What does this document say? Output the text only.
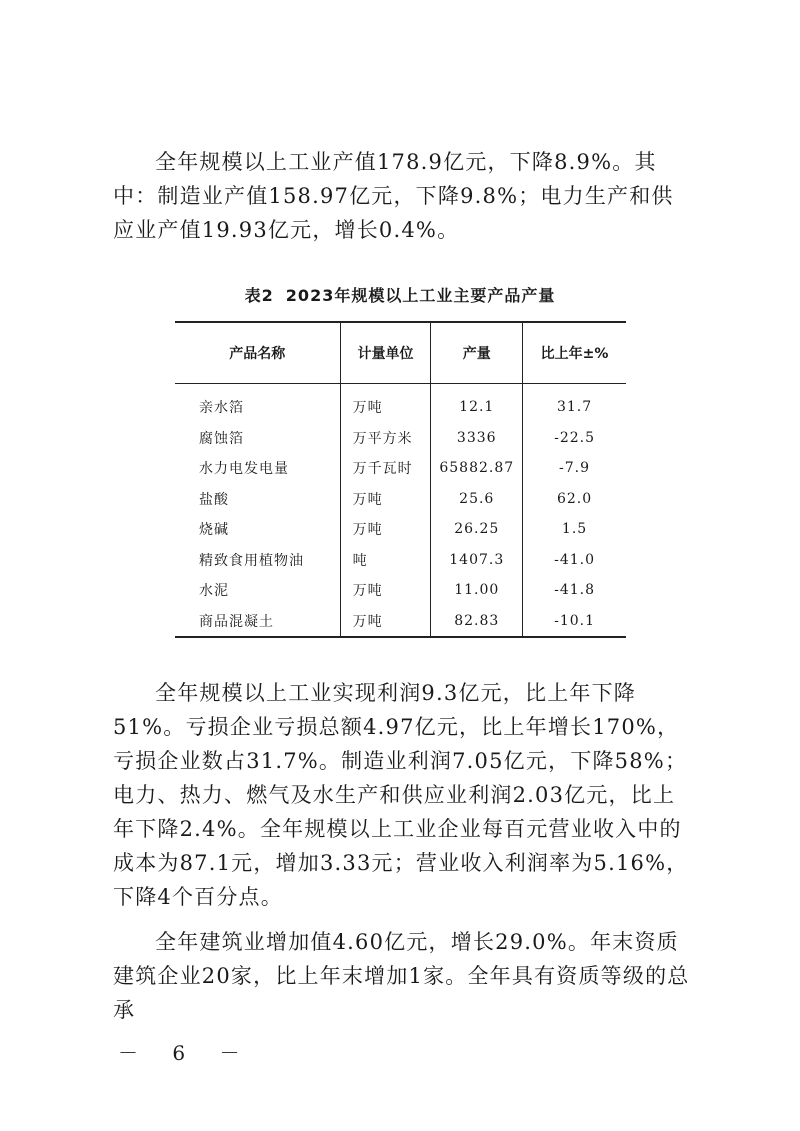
全年规模以上工业产值178.9亿元，下降8.9%。其中：制造业产值158.97亿元，下降9.8%；电力生产和供应业产值19.93亿元，增长0.4%。

表2 2023年规模以上工业主要产品产量
产品名称	计量单位	产量	比上年±%
亲水箔	万吨	12.1	31.7
腐蚀箔	万平方米	3336	-22.5
水力电发电量	万千瓦时	65882.87	-7.9
盐酸	万吨	25.6	62.0
烧碱	万吨	26.25	1.5
精致食用植物油	吨	1407.3	-41.0
水泥	万吨	11.00	-41.8
商品混凝土	万吨	82.83	-10.1

全年规模以上工业实现利润9.3亿元，比上年下降51%。亏损企业亏损总额4.97亿元，比上年增长170%，亏损企业数占31.7%。制造业利润7.05亿元，下降58%；电力、热力、燃气及水生产和供应业利润2.03亿元，比上年下降2.4%。全年规模以上工业企业每百元营业收入中的成本为87.1元，增加3.33元；营业收入利润率为5.16%，下降4个百分点。

全年建筑业增加值4.60亿元，增长29.0%。年末资质建筑企业20家，比上年末增加1家。全年具有资质等级的总承

－ 6 －
